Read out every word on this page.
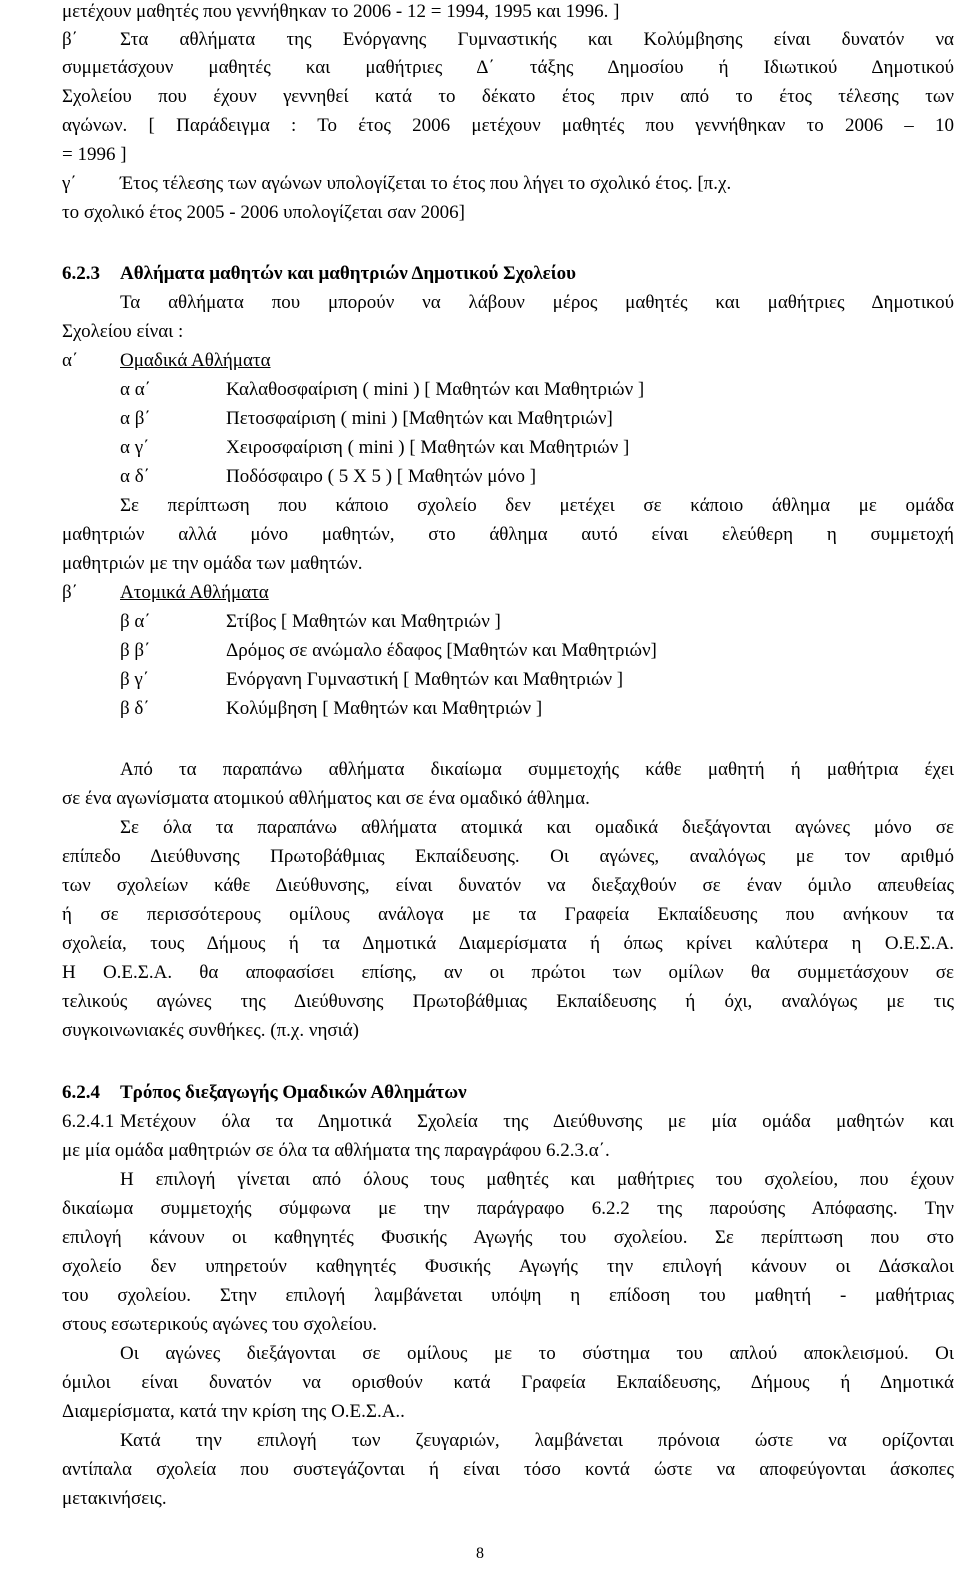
μετέχουν μαθητές που γεννήθηκαν το 2006 - 12 = 1994, 1995 και 1996. ]
β΄ Στα αθλήματα της Ενόργανης Γυμναστικής και Κολύμβησης είναι δυνατόν να
συμμετάσχουν μαθητές και μαθήτριες Δ΄ τάξης Δημοσίου ή Ιδιωτικού Δημοτικού
Σχολείου που έχουν γεννηθεί κατά το δέκατο έτος πριν από το έτος τέλεσης των
αγώνων. [ Παράδειγμα : Το έτος 2006 μετέχουν μαθητές που γεννήθηκαν το 2006 – 10
= 1996 ]
γ΄ Έτος τέλεσης των αγώνων υπολογίζεται το έτος που λήγει το σχολικό έτος. [π.χ.
το σχολικό έτος 2005 - 2006 υπολογίζεται σαν 2006]
6.2.3 Αθλήματα μαθητών και μαθητριών Δημοτικού Σχολείου
Τα αθλήματα που μπορούν να λάβουν μέρος μαθητές και μαθήτριες Δημοτικού
Σχολείου είναι :
α΄ Ομαδικά Αθλήματα
α α΄	Καλαθοσφαίριση ( mini ) [ Μαθητών και Μαθητριών ]
α β΄	Πετοσφαίριση ( mini ) [Μαθητών και Μαθητριών]
α γ΄	Χειροσφαίριση ( mini ) [ Μαθητών και Μαθητριών ]
α δ΄	Ποδόσφαιρο ( 5 Χ 5 ) [ Μαθητών μόνο ]
Σε περίπτωση που κάποιο σχολείο δεν μετέχει σε κάποιο άθλημα με ομάδα
μαθητριών αλλά μόνο μαθητών, στο άθλημα αυτό είναι ελεύθερη η συμμετοχή
μαθητριών με την ομάδα των μαθητών.
β΄ Ατομικά Αθλήματα
β α΄	Στίβος [ Μαθητών και Μαθητριών ]
β β΄	Δρόμος σε ανώμαλο έδαφος [Μαθητών και Μαθητριών]
β γ΄	Ενόργανη Γυμναστική [ Μαθητών και Μαθητριών ]
β δ΄	Κολύμβηση [ Μαθητών και Μαθητριών ]
Από τα παραπάνω αθλήματα δικαίωμα συμμετοχής κάθε μαθητή ή μαθήτρια έχει
σε ένα αγωνίσματα ατομικού αθλήματος και σε ένα ομαδικό άθλημα.
Σε όλα τα παραπάνω αθλήματα ατομικά και ομαδικά διεξάγονται αγώνες μόνο σε
επίπεδο Διεύθυνσης Πρωτοβάθμιας Εκπαίδευσης. Οι αγώνες, αναλόγως με τον αριθμό
των σχολείων κάθε Διεύθυνσης, είναι δυνατόν να διεξαχθούν σε έναν όμιλο απευθείας
ή σε περισσότερους ομίλους ανάλογα με τα Γραφεία Εκπαίδευσης που ανήκουν τα
σχολεία, τους Δήμους ή τα Δημοτικά Διαμερίσματα ή όπως κρίνει καλύτερα η Ο.Ε.Σ.Α.
Η Ο.Ε.Σ.Α. θα αποφασίσει επίσης, αν οι πρώτοι των ομίλων θα συμμετάσχουν σε
τελικούς αγώνες της Διεύθυνσης Πρωτοβάθμιας Εκπαίδευσης ή όχι, αναλόγως με τις
συγκοινωνιακές συνθήκες. (π.χ. νησιά)
6.2.4 Τρόπος διεξαγωγής Ομαδικών Αθλημάτων
6.2.4.1 Μετέχουν όλα τα Δημοτικά Σχολεία της Διεύθυνσης με μία ομάδα μαθητών και
με μία ομάδα μαθητριών σε όλα τα αθλήματα της παραγράφου 6.2.3.α΄.
Η επιλογή γίνεται από όλους τους μαθητές και μαθήτριες του σχολείου, που έχουν
δικαίωμα συμμετοχής σύμφωνα με την παράγραφο 6.2.2 της παρούσης Απόφασης. Την
επιλογή κάνουν οι καθηγητές Φυσικής Αγωγής του σχολείου. Σε περίπτωση που στο
σχολείο δεν υπηρετούν καθηγητές Φυσικής Αγωγής την επιλογή κάνουν οι Δάσκαλοι
του σχολείου. Στην επιλογή λαμβάνεται υπόψη η επίδοση του μαθητή - μαθήτριας
στους εσωτερικούς αγώνες του σχολείου.
Οι αγώνες διεξάγονται σε ομίλους με το σύστημα του απλού αποκλεισμού. Οι
όμιλοι είναι δυνατόν να ορισθούν κατά Γραφεία Εκπαίδευσης, Δήμους ή Δημοτικά
Διαμερίσματα, κατά την κρίση της Ο.Ε.Σ.Α..
Κατά την επιλογή των ζευγαριών, λαμβάνεται πρόνοια ώστε να ορίζονται
αντίπαλα σχολεία που συστεγάζονται ή είναι τόσο κοντά ώστε να αποφεύγονται άσκοπες
μετακινήσεις.
8
